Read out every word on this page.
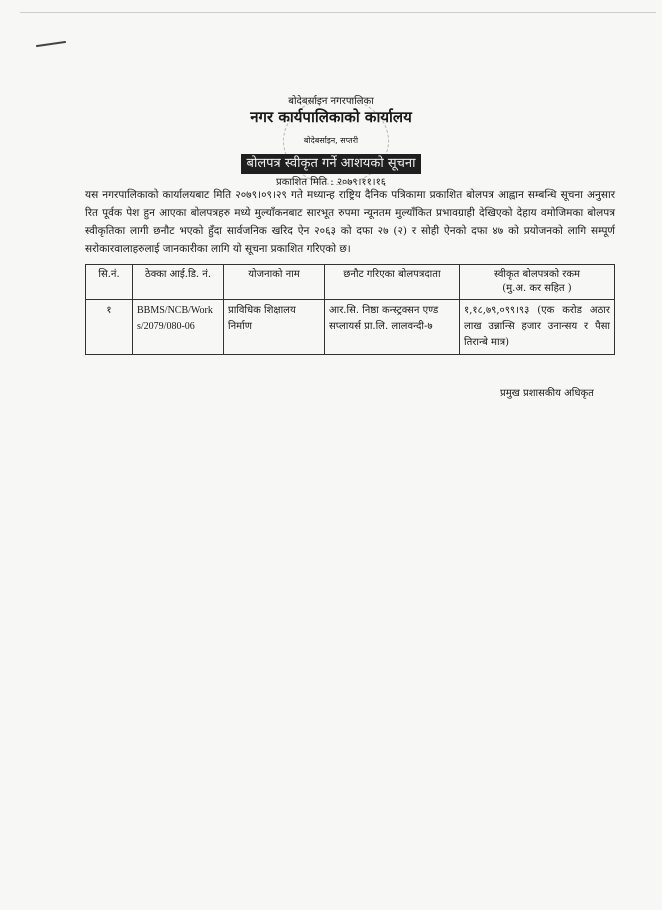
बोदेबर्साइन नगरपालिका
नगर कार्यपालिकाको कार्यालय
बोदेबर्साइन, सप्तरी
बोलपत्र स्वीकृत गर्ने आशयको सूचना
प्रकाशित मिति : २०७९।११।१६
यस नगरपालिकाको कार्यालयबाट मिति २०७९।०९।२९ गते मध्यान्ह राष्ट्रिय दैनिक पत्रिकामा प्रकाशित बोलपत्र आह्वान सम्बन्धि सूचना अनुसार रित पूर्वक पेश हुन आएका बोलपत्रहरु मध्ये मुल्याँकनबाट सारभूत रुपमा न्यूनतम मुल्याँकित प्रभावग्राही देखिएको देहाय वमोजिमका बोलपत्र स्वीकृतिका लागी छनौट भएको हुँदा सार्वजनिक खरिद ऐन २०६३ को दफा २७ (२) र सोही ऐनको दफा ४७ को प्रयोजनको लागि सम्पूर्ण सरोकारवालाहरुलाई जानकारीका लागि यो सूचना प्रकाशित गरिएको छ।
सि.नं.	ठेक्का आई.डि. नं.	योजनाको नाम	छनौट गरिएका बोलपत्रदाता	स्वीकृत बोलपत्रको रकम
(मु.अ. कर सहित )

१	BBMS/NCB/Works/2079/080-06	प्राविधिक शिक्षालय निर्माण	आर.सि. निष्ठा कन्स्ट्रक्सन एण्ड सप्लायर्स प्रा.लि. लालवन्दी-७	१,१८,७९,०९९।९३ (एक करोड अठार लाख उन्नान्सि हजार उनान्सय र पैसा तिरान्बे मात्र)
प्रमुख प्रशासकीय अधिकृत
